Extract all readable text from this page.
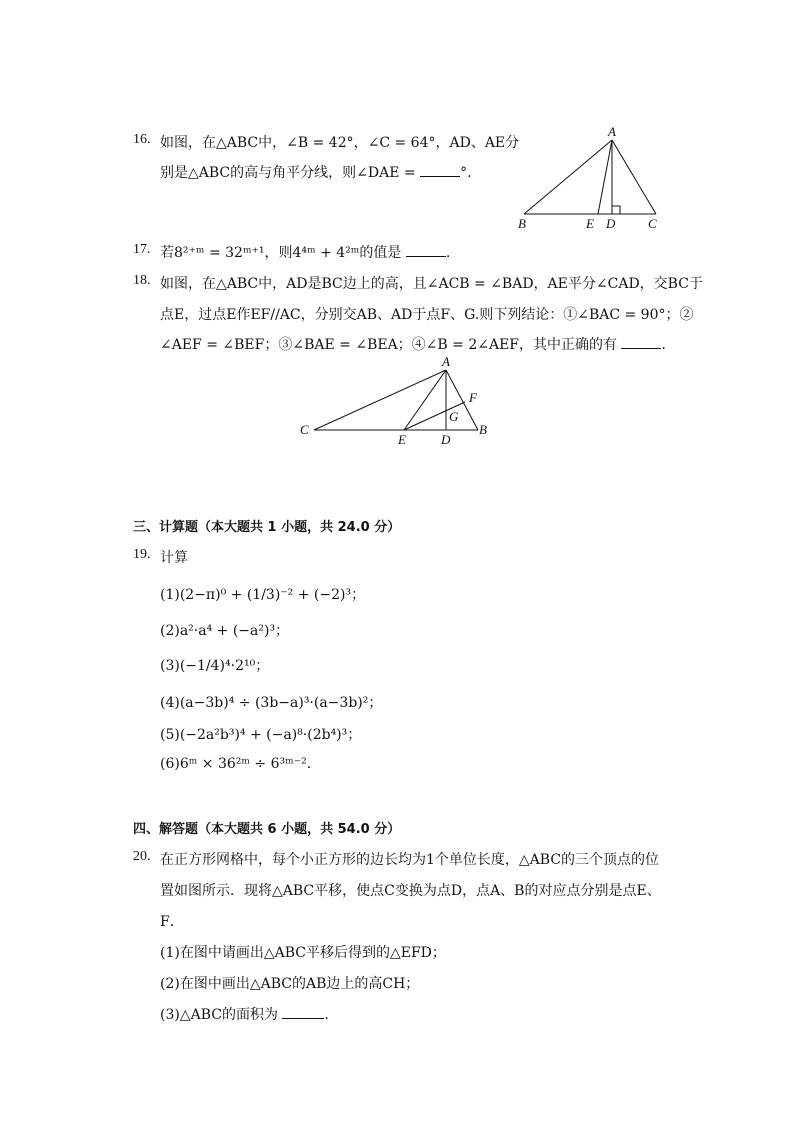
16. 如图，在△ABC中，∠B = 42°，∠C = 64°，AD、AE分
别是△ABC的高与角平分线，则∠DAE =	°.
A
B	E D	C
17. 若8²⁺ᵐ = 32ᵐ⁺¹，则4⁴ᵐ + 4²ᵐ的值是	.
18. 如图，在△ABC中，AD是BC边上的高，且∠ACB = ∠BAD，AE平分∠CAD，交BC于
点E，过点E作EF//AC，分别交AB、AD于点F、G.则下列结论：①∠BAC = 90°；②
∠AEF = ∠BEF；③∠BAE = ∠BEA；④∠B = 2∠AEF，其中正确的有	．
A
F
G
C
E	D
B
三、计算题（本大题共 1 小题，共 24.0 分）
19. 计算
(1)(2−π)⁰ + (1/3)⁻² + (−2)³；
(2)a²·a⁴ + (−a²)³；
(3)(−1/4)⁴·2¹⁰；
(4)(a−3b)⁴ ÷ (3b−a)³·(a−3b)²；
(5)(−2a²b³)⁴ + (−a)⁸·(2b⁴)³；
(6)6ᵐ × 36²ᵐ ÷ 6³ᵐ⁻².
四、解答题（本大题共 6 小题，共 54.0 分）
20. 在正方形网格中，每个小正方形的边长均为1个单位长度，△ABC的三个顶点的位
置如图所示．现将△ABC平移，使点C变换为点D，点A、B的对应点分别是点E、
F．
(1)在图中请画出△ABC平移后得到的△EFD；
(2)在图中画出△ABC的AB边上的高CH；
(3)△ABC的面积为	.
